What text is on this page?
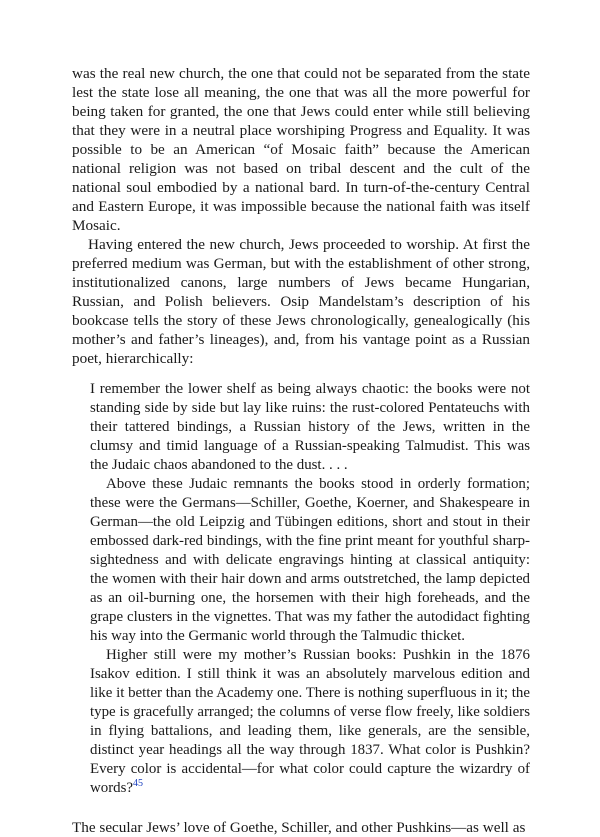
was the real new church, the one that could not be separated from the state lest the state lose all meaning, the one that was all the more powerful for being taken for granted, the one that Jews could enter while still believing that they were in a neutral place worshiping Progress and Equality. It was possible to be an American “of Mosaic faith” because the American national religion was not based on tribal descent and the cult of the national soul embodied by a national bard. In turn-of-the-century Central and Eastern Europe, it was impossible because the national faith was itself Mosaic.

Having entered the new church, Jews proceeded to worship. At first the preferred medium was German, but with the establishment of other strong, institutionalized canons, large numbers of Jews became Hungarian, Russian, and Polish believers. Osip Mandelstam’s description of his bookcase tells the story of these Jews chronologically, genealogically (his mother’s and father’s lineages), and, from his vantage point as a Russian poet, hierarchically:

I remember the lower shelf as being always chaotic: the books were not standing side by side but lay like ruins: the rust-colored Pentateuchs with their tattered bindings, a Russian history of the Jews, written in the clumsy and timid language of a Russian-speaking Talmudist. This was the Judaic chaos abandoned to the dust. . . .

Above these Judaic remnants the books stood in orderly formation; these were the Germans—Schiller, Goethe, Koerner, and Shakespeare in German—the old Leipzig and Tübingen editions, short and stout in their embossed dark-red bindings, with the fine print meant for youthful sharp-sightedness and with delicate engravings hinting at classical antiquity: the women with their hair down and arms outstretched, the lamp depicted as an oil-burning one, the horsemen with their high foreheads, and the grape clusters in the vignettes. That was my father the autodidact fighting his way into the Germanic world through the Talmudic thicket.

Higher still were my mother’s Russian books: Pushkin in the 1876 Isakov edition. I still think it was an absolutely marvelous edition and like it better than the Academy one. There is nothing superfluous in it; the type is gracefully arranged; the columns of verse flow freely, like soldiers in flying battalions, and leading them, like generals, are the sensible, distinct year headings all the way through 1837. What color is Pushkin? Every color is accidental—for what color could capture the wizardry of words?$^{45}$

The secular Jews’ love of Goethe, Schiller, and other Pushkins—as well as
